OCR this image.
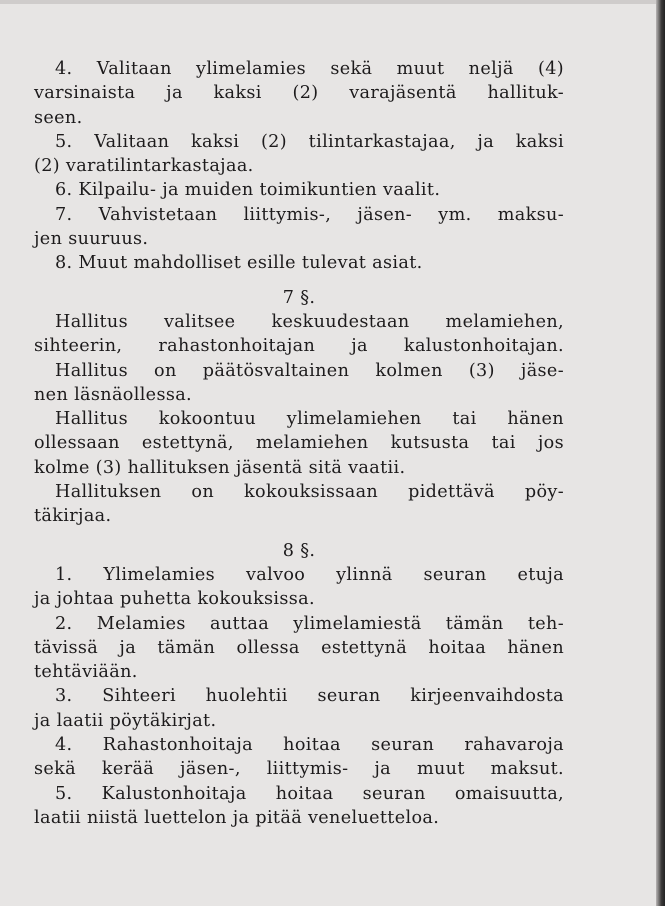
4. Valitaan ylimelamies sekä muut neljä (4)
varsinaista ja kaksi (2) varajäsentä hallituk-
seen.
5. Valitaan kaksi (2) tilintarkastajaa, ja kaksi
(2) varatilintarkastajaa.
6. Kilpailu- ja muiden toimikuntien vaalit.
7. Vahvistetaan liittymis-, jäsen- ym. maksu-
jen suuruus.
8. Muut mahdolliset esille tulevat asiat.
7 §.
Hallitus valitsee keskuudestaan melamiehen,
sihteerin, rahastonhoitajan ja kalustonhoitajan.
Hallitus on päätösvaltainen kolmen (3) jäse-
nen läsnäollessa.
Hallitus kokoontuu ylimelamiehen tai hänen
ollessaan estettynä, melamiehen kutsusta tai jos
kolme (3) hallituksen jäsentä sitä vaatii.
Hallituksen on kokouksissaan pidettävä pöy-
täkirjaa.
8 §.
1. Ylimelamies valvoo ylinnä seuran etuja
ja johtaa puhetta kokouksissa.
2. Melamies auttaa ylimelamiestä tämän teh-
tävissä ja tämän ollessa estettynä hoitaa hänen
tehtäviään.
3. Sihteeri huolehtii seuran kirjeenvaihdosta
ja laatii pöytäkirjat.
4. Rahastonhoitaja hoitaa seuran rahavaroja
sekä kerää jäsen-, liittymis- ja muut maksut.
5. Kalustonhoitaja hoitaa seuran omaisuutta,
laatii niistä luettelon ja pitää veneluetteloa.
